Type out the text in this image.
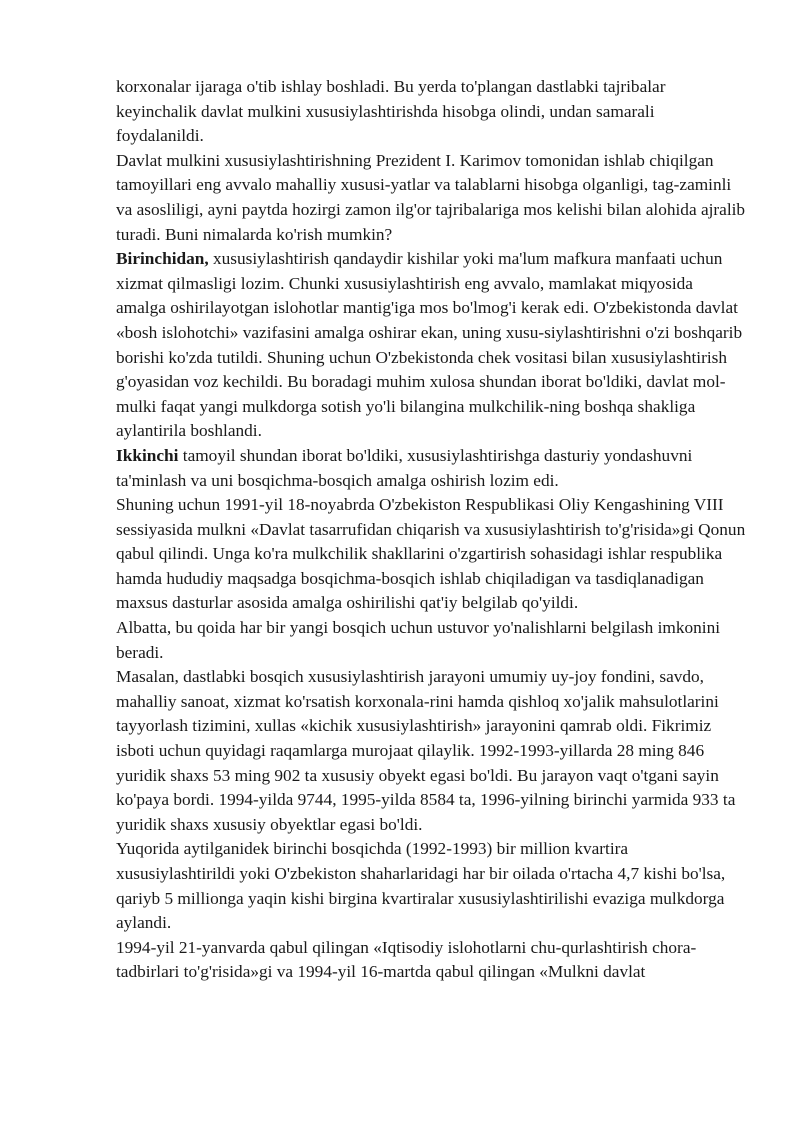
korxonalar ijaraga o'tib ishlay boshladi. Bu yerda to'plangan dastlabki tajribalar keyinchalik davlat mulkini xususiylashtirishda hisobga olindi, undan samarali foydalanildi.

Davlat mulkini xususiylashtirishning Prezident I. Karimov tomonidan ishlab chiqilgan tamoyillari eng avvalo mahalliy xususi-yatlar va talablarni hisobga olganligi, tag-zaminli va asosliligi, ayni paytda hozirgi zamon ilg'or tajribalariga mos kelishi bilan alohida ajralib turadi. Buni nimalarda ko'rish mumkin?

Birinchidan, xususiylashtirish qandaydir kishilar yoki ma'lum mafkura manfaati uchun xizmat qilmasligi lozim. Chunki xususiylashtirish eng avvalo, mamlakat miqyosida amalga oshirilayotgan islohotlar mantig'iga mos bo'lmog'i kerak edi. O'zbekistonda davlat «bosh islohotchi» vazifasini amalga oshirar ekan, uning xusu-siylashtirishni o'zi boshqarib borishi ko'zda tutildi. Shuning uchun O'zbekistonda chek vositasi bilan xususiylashtirish g'oyasidan voz kechildi. Bu boradagi muhim xulosa shundan iborat bo'ldiki, davlat mol-mulki faqat yangi mulkdorga sotish yo'li bilangina mulkchilik-ning boshqa shakliga aylantirila boshlandi.

Ikkinchi tamoyil shundan iborat bo'ldiki, xususiylashtirishga dasturiy yondashuvni ta'minlash va uni bosqichma-bosqich amalga oshirish lozim edi.

Shuning uchun 1991-yil 18-noyabrda O'zbekiston Respublikasi Oliy Kengashining VIII sessiyasida mulkni «Davlat tasarrufidan chiqarish va xususiylashtirish to'g'risida»gi Qonun qabul qilindi. Unga ko'ra mulkchilik shakllarini o'zgartirish sohasidagi ishlar respublika hamda hududiy maqsadga bosqichma-bosqich ishlab chiqiladigan va tasdiqlanadigan maxsus dasturlar asosida amalga oshirilishi qat'iy belgilab qo'yildi.

Albatta, bu qoida har bir yangi bosqich uchun ustuvor yo'nalishlarni belgilash imkonini beradi.

Masalan, dastlabki bosqich xususiylashtirish jarayoni umumiy uy-joy fondini, savdo, mahalliy sanoat, xizmat ko'rsatish korxonala-rini hamda qishloq xo'jalik mahsulotlarini tayyorlash tizimini, xullas «kichik xususiylashtirish» jarayonini qamrab oldi. Fikrimiz isboti uchun quyidagi raqamlarga murojaat qilaylik. 1992-1993-yillarda 28 ming 846 yuridik shaxs 53 ming 902 ta xususiy obyekt egasi bo'ldi. Bu jarayon vaqt o'tgani sayin ko'paya bordi. 1994-yilda 9744, 1995-yilda 8584 ta, 1996-yilning birinchi yarmida 933 ta yuridik shaxs xususiy obyektlar egasi bo'ldi.

Yuqorida aytilganidek birinchi bosqichda (1992-1993) bir million kvartira xususiylashtirildi yoki O'zbekiston shaharlaridagi har bir oilada o'rtacha 4,7 kishi bo'lsa, qariyb 5 millionga yaqin kishi birgina kvartiralar xususiylashtirilishi evaziga mulkdorga aylandi.

1994-yil 21-yanvarda qabul qilingan «Iqtisodiy islohotlarni chu-qurlashtirish chora-tadbirlari to'g'risida»gi va 1994-yil 16-martda qabul qilingan «Mulkni davlat
